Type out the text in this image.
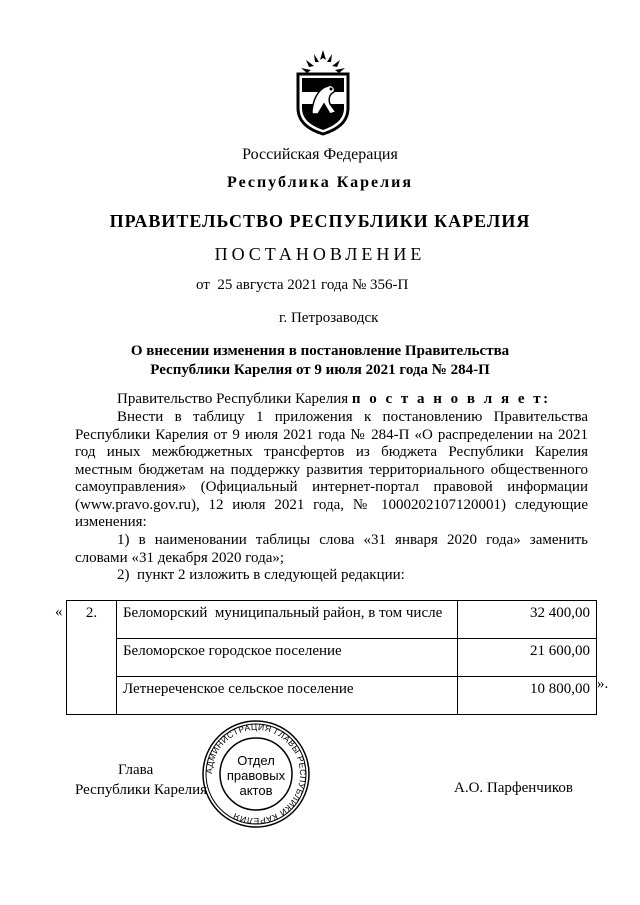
Российская Федерация
Республика Карелия
ПРАВИТЕЛЬСТВО РЕСПУБЛИКИ КАРЕЛИЯ
ПОСТАНОВЛЕНИЕ
от  25 августа 2021 года № 356-П
г. Петрозаводск
О внесении изменения в постановление Правительства
Республики Карелия от 9 июля 2021 года № 284-П
Правительство Республики Карелия п о с т а н о в л я е т:
Внести в таблицу 1 приложения к постановлению Правительства Республики Карелия от 9 июля 2021 года № 284-П «О распределении на 2021 год иных межбюджетных трансфертов из бюджета Республики Карелия местным бюджетам на поддержку развития территориального общественного самоуправления» (Официальный интернет-портал правовой информации (www.pravo.gov.ru), 12 июля 2021 года, № 1000202107120001) следующие изменения:
1) в наименовании таблицы слова «31 января 2020 года» заменить словами «31 декабря 2020 года»;
2)  пункт 2 изложить в следующей редакции:
« 2.	Беломорский  муниципальный район, в том числе	32 400,00
	Беломорское городское поселение	21 600,00
	Летнереченское сельское поселение	10 800,00 ».
Глава
Республики Карелия
АДМИНИСТРАЦИЯ ГЛАВЫ РЕСПУБЛИКИ КАРЕЛИЯ
Отдел
правовых
актов	А.О. Парфенчиков
